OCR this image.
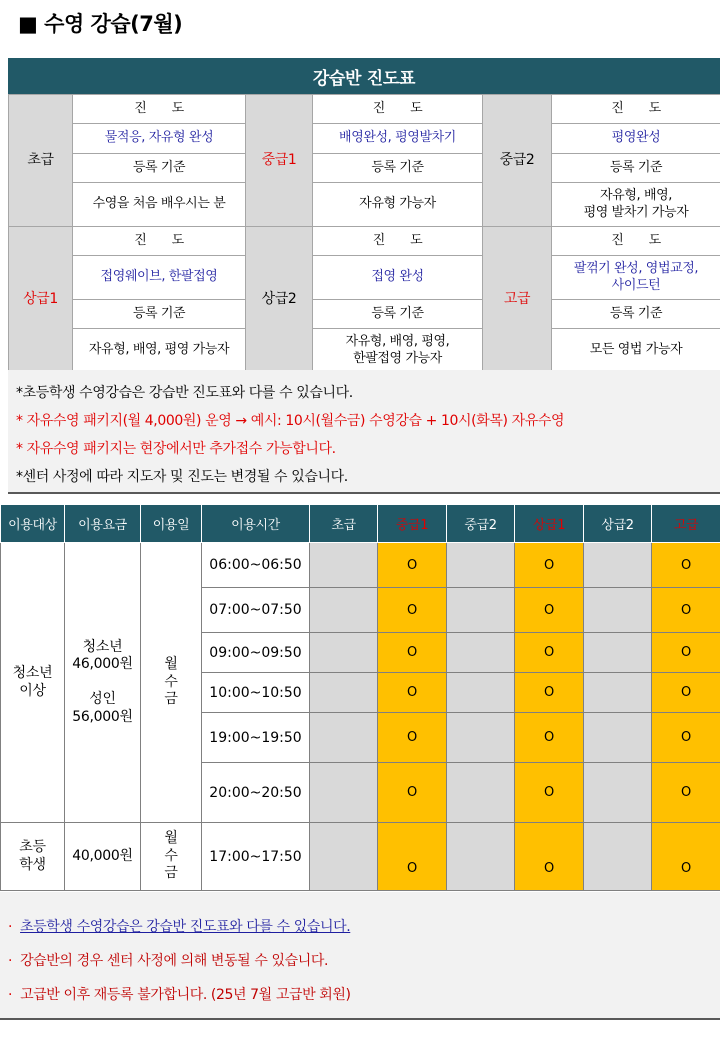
■ 수영 강습(7월)
강습반 진도표
초급	진　　도	중급1	진　　도	중급2	진　　도
	물적응, 자유형 완성		배영완성, 평영발차기		평영완성
	등록 기준		등록 기준		등록 기준
	수영을 처음 배우시는 분		자유형 가능자		자유형, 배영,
평영 발차기 가능자
상급1	진　　도	상급2	진　　도	고급	진　　도
	접영웨이브, 한팔접영		접영 완성		팔꺾기 완성, 영법교정,
사이드턴
	등록 기준		등록 기준		등록 기준
	자유형, 배영, 평영 가능자		자유형, 배영, 평영,
한팔접영 가능자		모든 영법 가능자
*초등학생 수영강습은 강습반 진도표와 다를 수 있습니다.
* 자유수영 패키지(월 4,000원) 운영 → 예시: 10시(월수금) 수영강습 + 10시(화목) 자유수영
* 자유수영 패키지는 현장에서만 추가접수 가능합니다.
*센터 사정에 따라 지도자 및 진도는 변경될 수 있습니다.
이용대상	이용요금	이용일	이용시간	초급	중급1	중급2	상급1	상급2	고급
청소년
이상	청소년
46,000원

성인
56,000원	월
수
금	06:00~06:50		O		O		O
			07:00~07:50		O		O		O
			09:00~09:50		O		O		O
			10:00~10:50		O		O		O
			19:00~19:50		O		O		O
			20:00~20:50		O		O		O
초등
학생	40,000원	월
수
금	17:00~17:50		O		O		O
· 초등학생 수영강습은 강습반 진도표와 다를 수 있습니다.
· 강습반의 경우 센터 사정에 의해 변동될 수 있습니다.
· 고급반 이후 재등록 불가합니다. (25년 7월 고급반 회원)
